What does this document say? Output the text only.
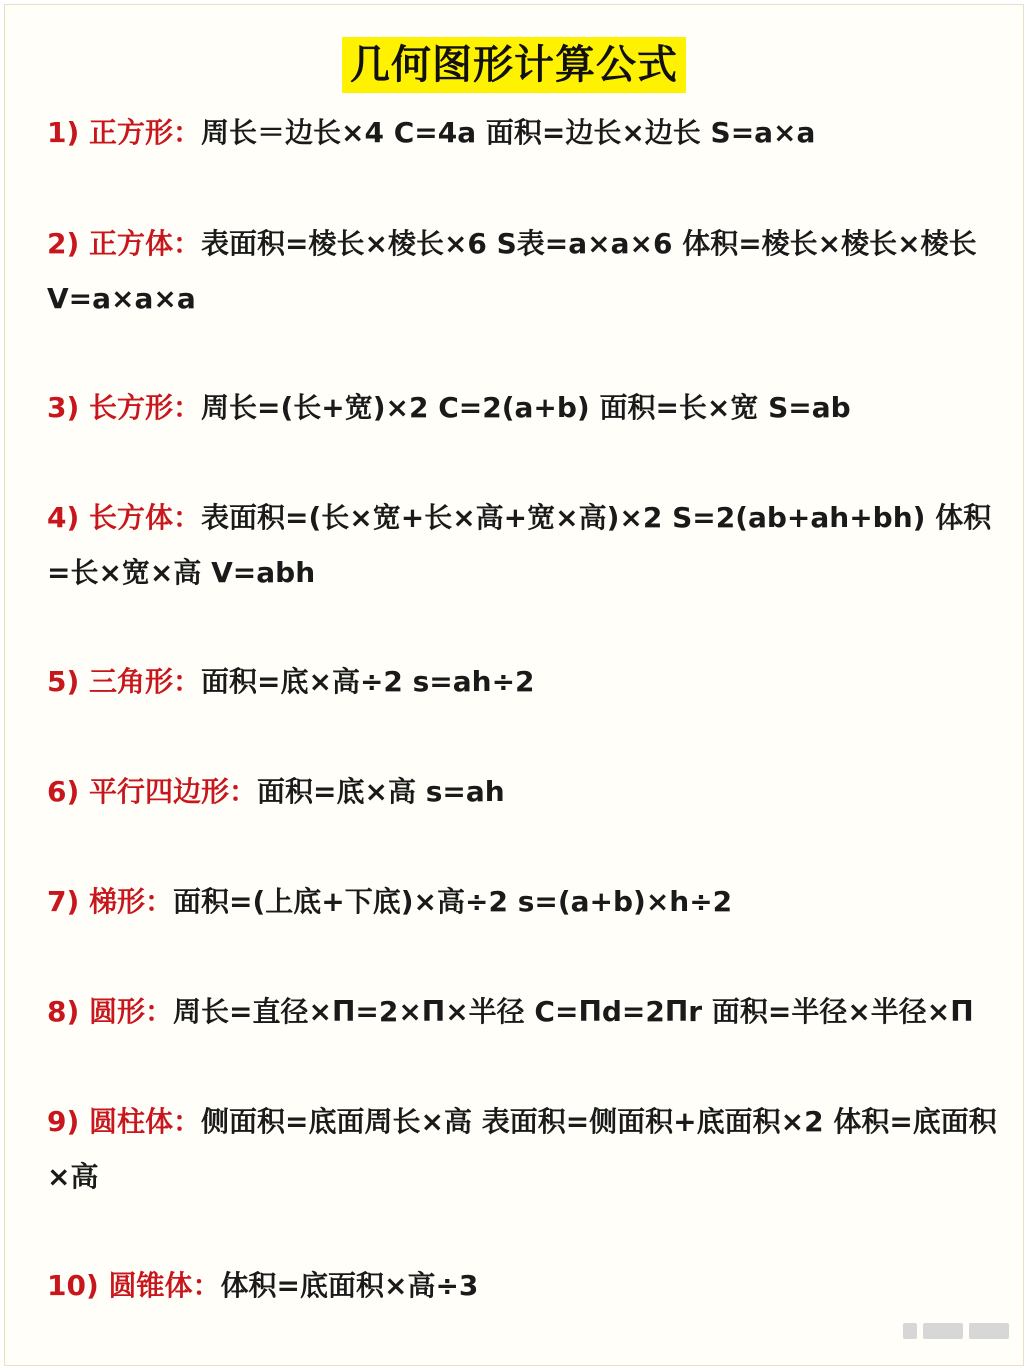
几何图形计算公式
1) 正方形：周长＝边长×4 C=4a 面积=边长×边长 S=a×a
2) 正方体：表面积=棱长×棱长×6 S表=a×a×6 体积=棱长×棱长×棱长 V=a×a×a
3) 长方形：周长=(长+宽)×2 C=2(a+b) 面积=长×宽 S=ab
4) 长方体：表面积=(长×宽+长×高+宽×高)×2 S=2(ab+ah+bh) 体积=长×宽×高 V=abh
5) 三角形：面积=底×高÷2 s=ah÷2
6) 平行四边形：面积=底×高 s=ah
7) 梯形：面积=(上底+下底)×高÷2 s=(a+b)×h÷2
8) 圆形：周长=直径×Π=2×Π×半径 C=Πd=2Πr 面积=半径×半径×Π
9) 圆柱体：侧面积=底面周长×高 表面积=侧面积+底面积×2 体积=底面积×高
10) 圆锥体：体积=底面积×高÷3
